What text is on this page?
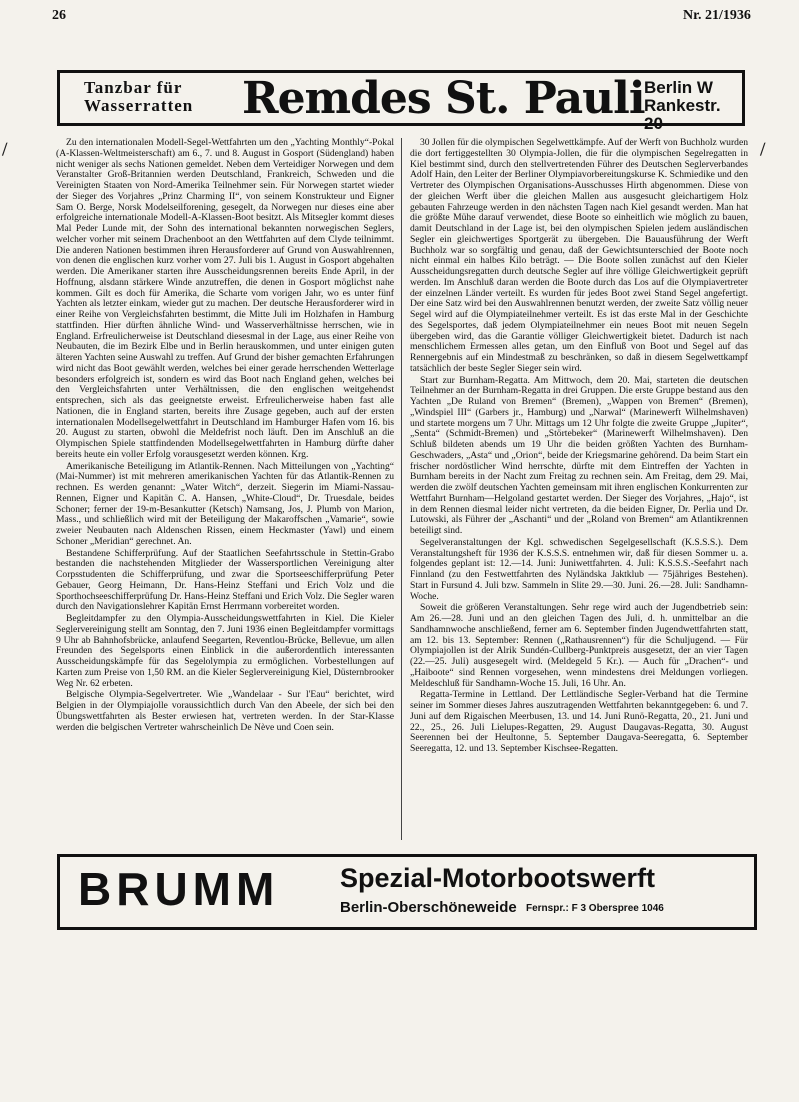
26	Nr. 21/1936
Tanzbar für
Wasserratten Remdes St. Pauli Berlin W
Rankestr. 20

Zu den internationalen Modell-Segel-Wettfahrten um den „Yachting Monthly“-Pokal (A-Klassen-Weltmeisterschaft) am 6., 7. und 8. August in Gosport (Südengland) haben nicht weniger als sechs Nationen gemeldet. Neben dem Verteidiger Norwegen und dem Veranstalter Groß-Britannien werden Deutschland, Frankreich, Schweden und die Vereinigten Staaten von Nord-Amerika Teilnehmer sein. Für Norwegen startet wieder der Sieger des Vorjahres „Prinz Charming II“, von seinem Konstrukteur und Eigner Sam O. Berge, Norsk Modelseilforening, gesegelt, da Norwegen nur dieses eine aber erfolgreiche internationale Modell-A-Klassen-Boot besitzt. Als Mitsegler kommt dieses Mal Peder Lunde mit, der Sohn des international bekannten norwegischen Seglers, welcher vorher mit seinem Drachenboot an den Wettfahrten auf dem Clyde teilnimmt. Die anderen Nationen bestimmen ihren Herausforderer auf Grund von Auswahlrennen, von denen die englischen kurz vorher vom 27. Juli bis 1. August in Gosport abgehalten werden. Die Amerikaner starten ihre Ausscheidungsrennen bereits Ende April, in der Hoffnung, alsdann stärkere Winde anzutreffen, die denen in Gosport möglichst nahe kommen. Gilt es doch für Amerika, die Scharte vom vorigen Jahr, wo es unter fünf Yachten als letzter einkam, wieder gut zu machen. Der deutsche Herausforderer wird in einer Reihe von Vergleichsfahrten bestimmt, die Mitte Juli im Holzhafen in Hamburg stattfinden. Hier dürften ähnliche Wind- und Wasserverhältnisse herrschen, wie in England. Erfreulicherweise ist Deutschland diesesmal in der Lage, aus einer Reihe von Neubauten, die im Bezirk Elbe und in Berlin herauskommen, und unter einigen guten älteren Yachten seine Auswahl zu treffen. Auf Grund der bisher gemachten Erfahrungen wird nicht das Boot gewählt werden, welches bei einer gerade herrschenden Wetterlage besonders erfolgreich ist, sondern es wird das Boot nach England gehen, welches bei den Vergleichsfahrten unter Verhältnissen, die den englischen weitgehendst entsprechen, sich als das geeignetste erweist. Erfreulicherweise haben fast alle Nationen, die in England starten, bereits ihre Zusage gegeben, auch auf der ersten internationalen Modellsegelwettfahrt in Deutschland im Hamburger Hafen vom 16. bis 20. August zu starten, obwohl die Meldefrist noch läuft. Den im Anschluß an die Olympischen Spiele stattfindenden Modellsegelwettfahrten in Hamburg dürfte daher bereits heute ein voller Erfolg vorausgesetzt werden können. Krg.

Amerikanische Beteiligung im Atlantik-Rennen. Nach Mitteilungen von „Yachting“ (Mai-Nummer) ist mit mehreren amerikanischen Yachten für das Atlantik-Rennen zu rechnen. Es werden genannt: „Water Witch“, derzeit. Siegerin im Miami-Nassau-Rennen, Eigner und Kapitän C. A. Hansen, „White-Cloud“, Dr. Truesdale, beides Schoner; ferner der 19-m-Besankutter (Ketsch) Namsang, Jos, J. Plumb von Marion, Mass., und schließlich wird mit der Beteiligung der Makaroffschen „Vamarie“, sowie zweier Neubauten nach Aldenschen Rissen, einem Heckmaster (Yawl) und einem Schoner „Meridian“ gerechnet. An.

Bestandene Schifferprüfung. Auf der Staatlichen Seefahrtsschule in Stettin-Grabo bestanden die nachstehenden Mitglieder der Wassersportlichen Vereinigung alter Corpsstudenten die Schifferprüfung, und zwar die Sportseeschifferprüfung Peter Gebauer, Georg Heimann, Dr. Hans-Heinz Steffani und Erich Volz und die Sporthochseeschifferprüfung Dr. Hans-Heinz Steffani und Erich Volz. Die Segler waren durch den Navigationslehrer Kapitän Ernst Herrmann vorbereitet worden.

Begleitdampfer zu den Olympia-Ausscheidungswettfahrten in Kiel. Die Kieler Seglervereinigung stellt am Sonntag, den 7. Juni 1936 einen Begleitdampfer vormittags 9 Uhr ab Bahnhofsbrücke, anlaufend Seegarten, Reventlou-Brücke, Bellevue, um allen Freunden des Segelsports einen Einblick in die außerordentlich interessanten Ausscheidungskämpfe für das Segelolympia zu ermöglichen. Vorbestellungen auf Karten zum Preise von 1,50 RM. an die Kieler Seglervereinigung Kiel, Düsternbrooker Weg Nr. 62 erbeten.

Belgische Olympia-Segelvertreter. Wie „Wandelaar - Sur l'Eau“ berichtet, wird Belgien in der Olympiajolle voraussichtlich durch Van den Abeele, der sich bei den Übungswettfahrten als Bester erwiesen hat, vertreten werden. In der Star-Klasse werden die belgischen Vertreter wahrscheinlich De Nève und Coen sein.

30 Jollen für die olympischen Segelwettkämpfe. Auf der Werft von Buchholz wurden die dort fertiggestellten 30 Olympia-Jollen, die für die olympischen Segelregatten in Kiel bestimmt sind, durch den stellvertretenden Führer des Deutschen Seglerverbandes Adolf Hain, den Leiter der Berliner Olympiavorbereitungskurse K. Schmiedike und den Vertreter des Olympischen Organisations-Ausschusses Hirth abgenommen. Diese von der gleichen Werft über die gleichen Mallen aus ausgesucht gleichartigem Holz gebauten Fahrzeuge werden in den nächsten Tagen nach Kiel gesandt werden. Man hat die größte Mühe darauf verwendet, diese Boote so einheitlich wie möglich zu bauen, damit Deutschland in der Lage ist, bei den olympischen Spielen jedem ausländischen Segler ein gleichwertiges Sportgerät zu übergeben. Die Bauausführung der Werft Buchholz war so sorgfältig und genau, daß der Gewichtsunterschied der Boote noch nicht einmal ein halbes Kilo beträgt. — Die Boote sollen zunächst auf den Kieler Ausscheidungsregatten durch deutsche Segler auf ihre völlige Gleichwertigkeit geprüft werden. Im Anschluß daran werden die Boote durch das Los auf die Olympiavertreter der einzelnen Länder verteilt. Es wurden für jedes Boot zwei Stand Segel angefertigt. Der eine Satz wird bei den Auswahlrennen benutzt werden, der zweite Satz völlig neuer Segel wird auf die Olympiateilnehmer verteilt. Es ist das erste Mal in der Geschichte des Segelsportes, daß jedem Olympiateilnehmer ein neues Boot mit neuen Segeln übergeben wird, das die Garantie völliger Gleichwertigkeit bietet. Dadurch ist nach menschlichem Ermessen alles getan, um den Einfluß von Boot und Segel auf das Rennergebnis auf ein Mindestmaß zu beschränken, so daß in diesem Segelwettkampf tatsächlich der beste Segler Sieger sein wird.

Start zur Burnham-Regatta. Am Mittwoch, dem 20. Mai, starteten die deutschen Teilnehmer an der Burnham-Regatta in drei Gruppen. Die erste Gruppe bestand aus den Yachten „De Ruland von Bremen“ (Bremen), „Wappen von Bremen“ (Bremen), „Windspiel III“ (Garbers jr., Hamburg) und „Narwal“ (Marinewerft Wilhelmshaven) und startete morgens um 7 Uhr. Mittags um 12 Uhr folgte die zweite Gruppe „Jupiter“, „Senta“ (Schmidt-Bremen) und „Störtebeker“ (Marinewerft Wilhelmshaven). Den Schluß bildeten abends um 19 Uhr die beiden größten Yachten des Burnham-Geschwaders, „Asta“ und „Orion“, beide der Kriegsmarine gehörend. Da beim Start ein frischer nordöstlicher Wind herrschte, dürfte mit dem Eintreffen der Yachten in Burnham bereits in der Nacht zum Freitag zu rechnen sein. Am Freitag, dem 29. Mai, werden die zwölf deutschen Yachten gemeinsam mit ihren englischen Konkurrenten zur Wettfahrt Burnham—Helgoland gestartet werden. Der Sieger des Vorjahres, „Hajo“, ist in dem Rennen diesmal leider nicht vertreten, da die beiden Eigner, Dr. Perlia und Dr. Lutowski, als Führer der „Aschanti“ und der „Roland von Bremen“ am Atlantikrennen beteiligt sind.

Segelveranstaltungen der Kgl. schwedischen Segelgesellschaft (K.S.S.S.). Dem Veranstaltungsheft für 1936 der K.S.S.S. entnehmen wir, daß für diesen Sommer u. a. folgendes geplant ist: 12.—14. Juni: Juniwettfahrten. 4. Juli: K.S.S.S.-Seefahrt nach Finnland (zu den Festwettfahrten des Nyländska Jaktklub — 75jähriges Bestehen). Start in Fursund 4. Juli bzw. Sammeln in Slite 29.—30. Juni. 26.—28. Juli: Sandhamn-Woche.

Soweit die größeren Veranstaltungen. Sehr rege wird auch der Jugendbetrieb sein: Am 26.—28. Juni und an den gleichen Tagen des Juli, d. h. unmittelbar an die Sandhamnwoche anschließend, ferner am 6. September finden Jugendwettfahrten statt, am 12. bis 13. September: Rennen („Rathausrennen“) für die Schuljugend. — Für Olympiajollen ist der Alrik Sundén-Cullberg-Punktpreis ausgesetzt, der an vier Tagen (22.—25. Juli) ausgesegelt wird. (Meldegeld 5 Kr.). — Auch für „Drachen“- und „Haiboote“ sind Rennen vorgesehen, wenn mindestens drei Meldungen vorliegen. Meldeschluß für Sandhamn-Woche 15. Juli, 16 Uhr. An.

Regatta-Termine in Lettland. Der Lettländische Segler-Verband hat die Termine seiner im Sommer dieses Jahres auszutragenden Wettfahrten bekanntgegeben: 6. und 7. Juni auf dem Rigaischen Meerbusen, 13. und 14. Juni Runö-Regatta, 20., 21. Juni und 22., 25., 26. Juli Lielupes-Regatten, 29. August Daugavas-Regatta, 30. August Seerennen bei der Heultonne, 5. September Daugava-Seeregatta, 6. September Seeregatta, 12. und 13. September Kischsee-Regatten.

BRUMM Spezial-Motorbootswerft
Berlin-Oberschöneweide Fernspr.: F 3 Oberspree 1046
/	/
